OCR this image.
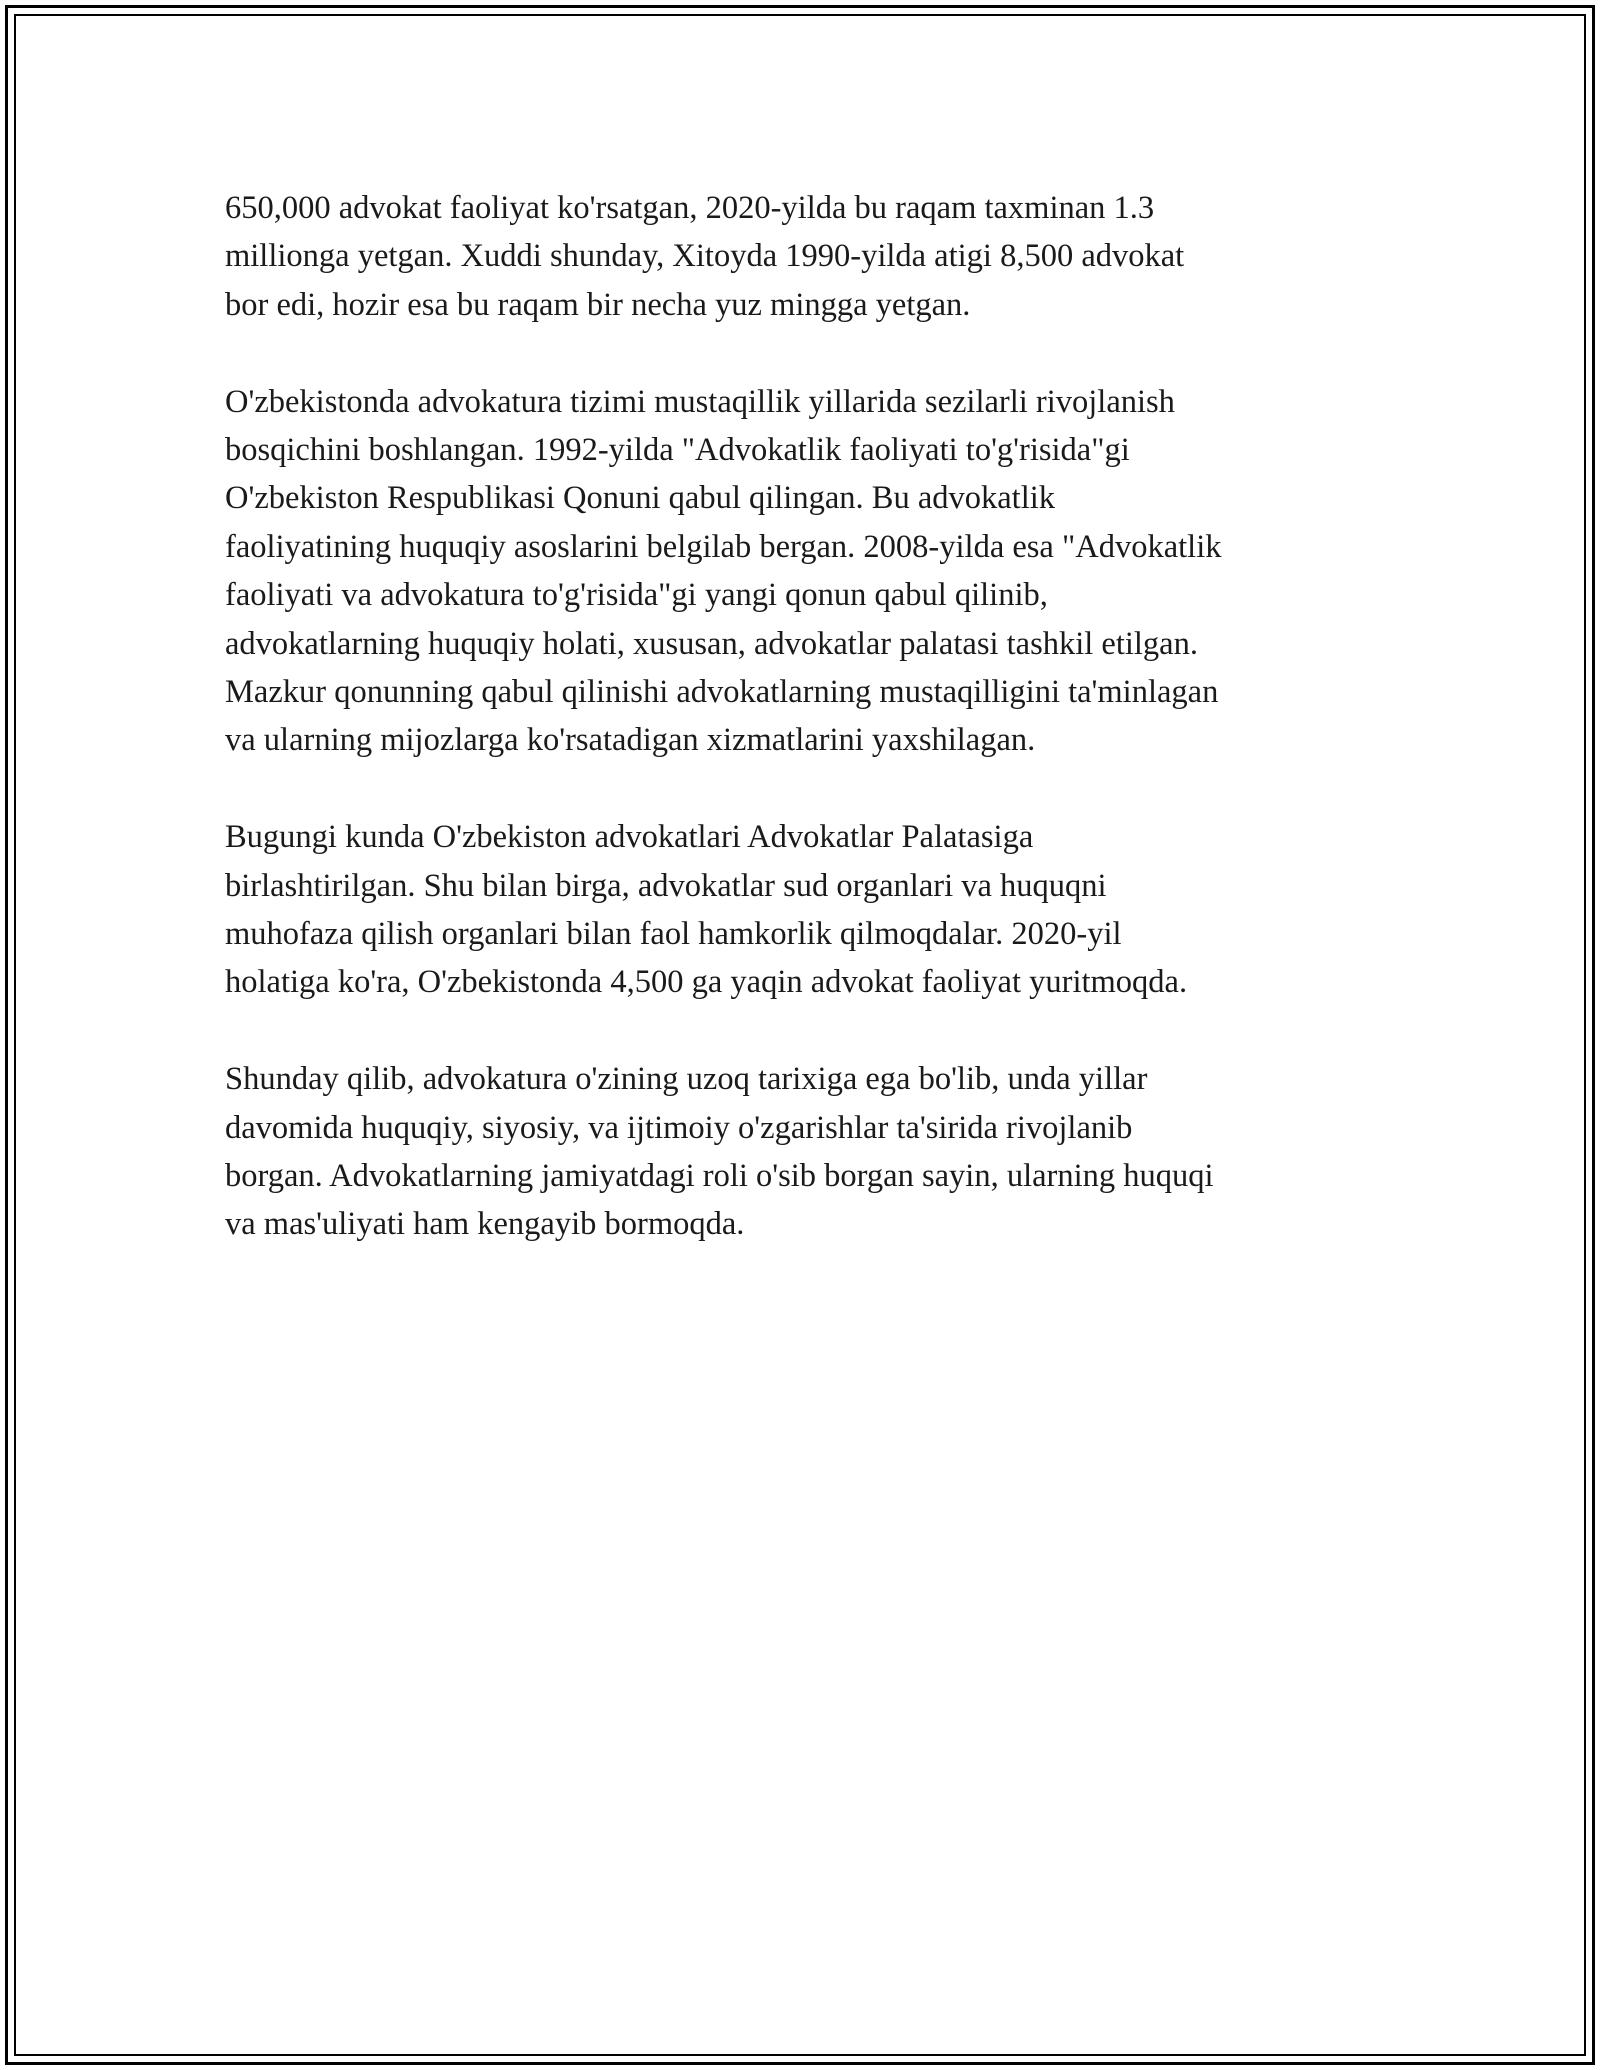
650,000 advokat faoliyat ko'rsatgan, 2020-yilda bu raqam taxminan 1.3
millionga yetgan. Xuddi shunday, Xitoyda 1990-yilda atigi 8,500 advokat
bor edi, hozir esa bu raqam bir necha yuz mingga yetgan.

O'zbekistonda advokatura tizimi mustaqillik yillarida sezilarli rivojlanish
bosqichini boshlangan. 1992-yilda "Advokatlik faoliyati to'g'risida"gi
O'zbekiston Respublikasi Qonuni qabul qilingan. Bu advokatlik
faoliyatining huquqiy asoslarini belgilab bergan. 2008-yilda esa "Advokatlik
faoliyati va advokatura to'g'risida"gi yangi qonun qabul qilinib,
advokatlarning huquqiy holati, xususan, advokatlar palatasi tashkil etilgan.
Mazkur qonunning qabul qilinishi advokatlarning mustaqilligini ta'minlagan
va ularning mijozlarga ko'rsatadigan xizmatlarini yaxshilagan.

Bugungi kunda O'zbekiston advokatlari Advokatlar Palatasiga
birlashtirilgan. Shu bilan birga, advokatlar sud organlari va huquqni
muhofaza qilish organlari bilan faol hamkorlik qilmoqdalar. 2020-yil
holatiga ko'ra, O'zbekistonda 4,500 ga yaqin advokat faoliyat yuritmoqda.

Shunday qilib, advokatura o'zining uzoq tarixiga ega bo'lib, unda yillar
davomida huquqiy, siyosiy, va ijtimoiy o'zgarishlar ta'sirida rivojlanib
borgan. Advokatlarning jamiyatdagi roli o'sib borgan sayin, ularning huquqi
va mas'uliyati ham kengayib bormoqda.
